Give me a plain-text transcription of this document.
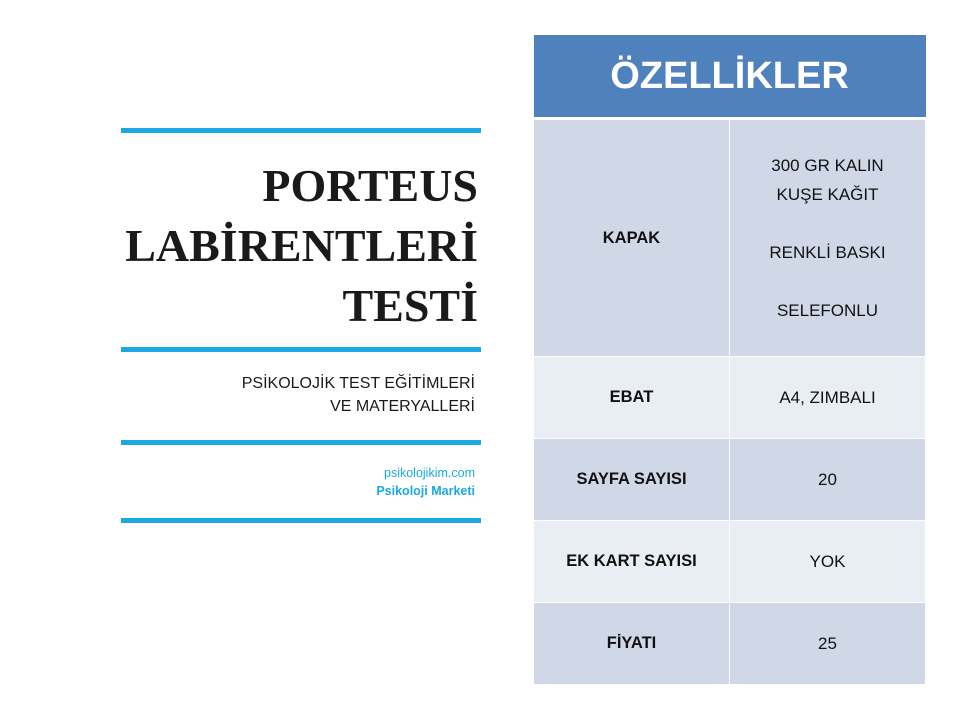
PORTEUS
LABİRENTLERİ
TESTİ
PSİKOLOJİK TEST EĞİTİMLERİ
VE MATERYALLERİ
psikolojikim.com
Psikoloji Marketi
ÖZELLİKLER	
KAPAK	300 GR KALIN
KUŞE KAĞIT
RENKLİ BASKI
SELEFONLU

EBAT	A4, ZIMBALI
SAYFA SAYISI	20
EK KART SAYISI	YOK
FİYATI	25
